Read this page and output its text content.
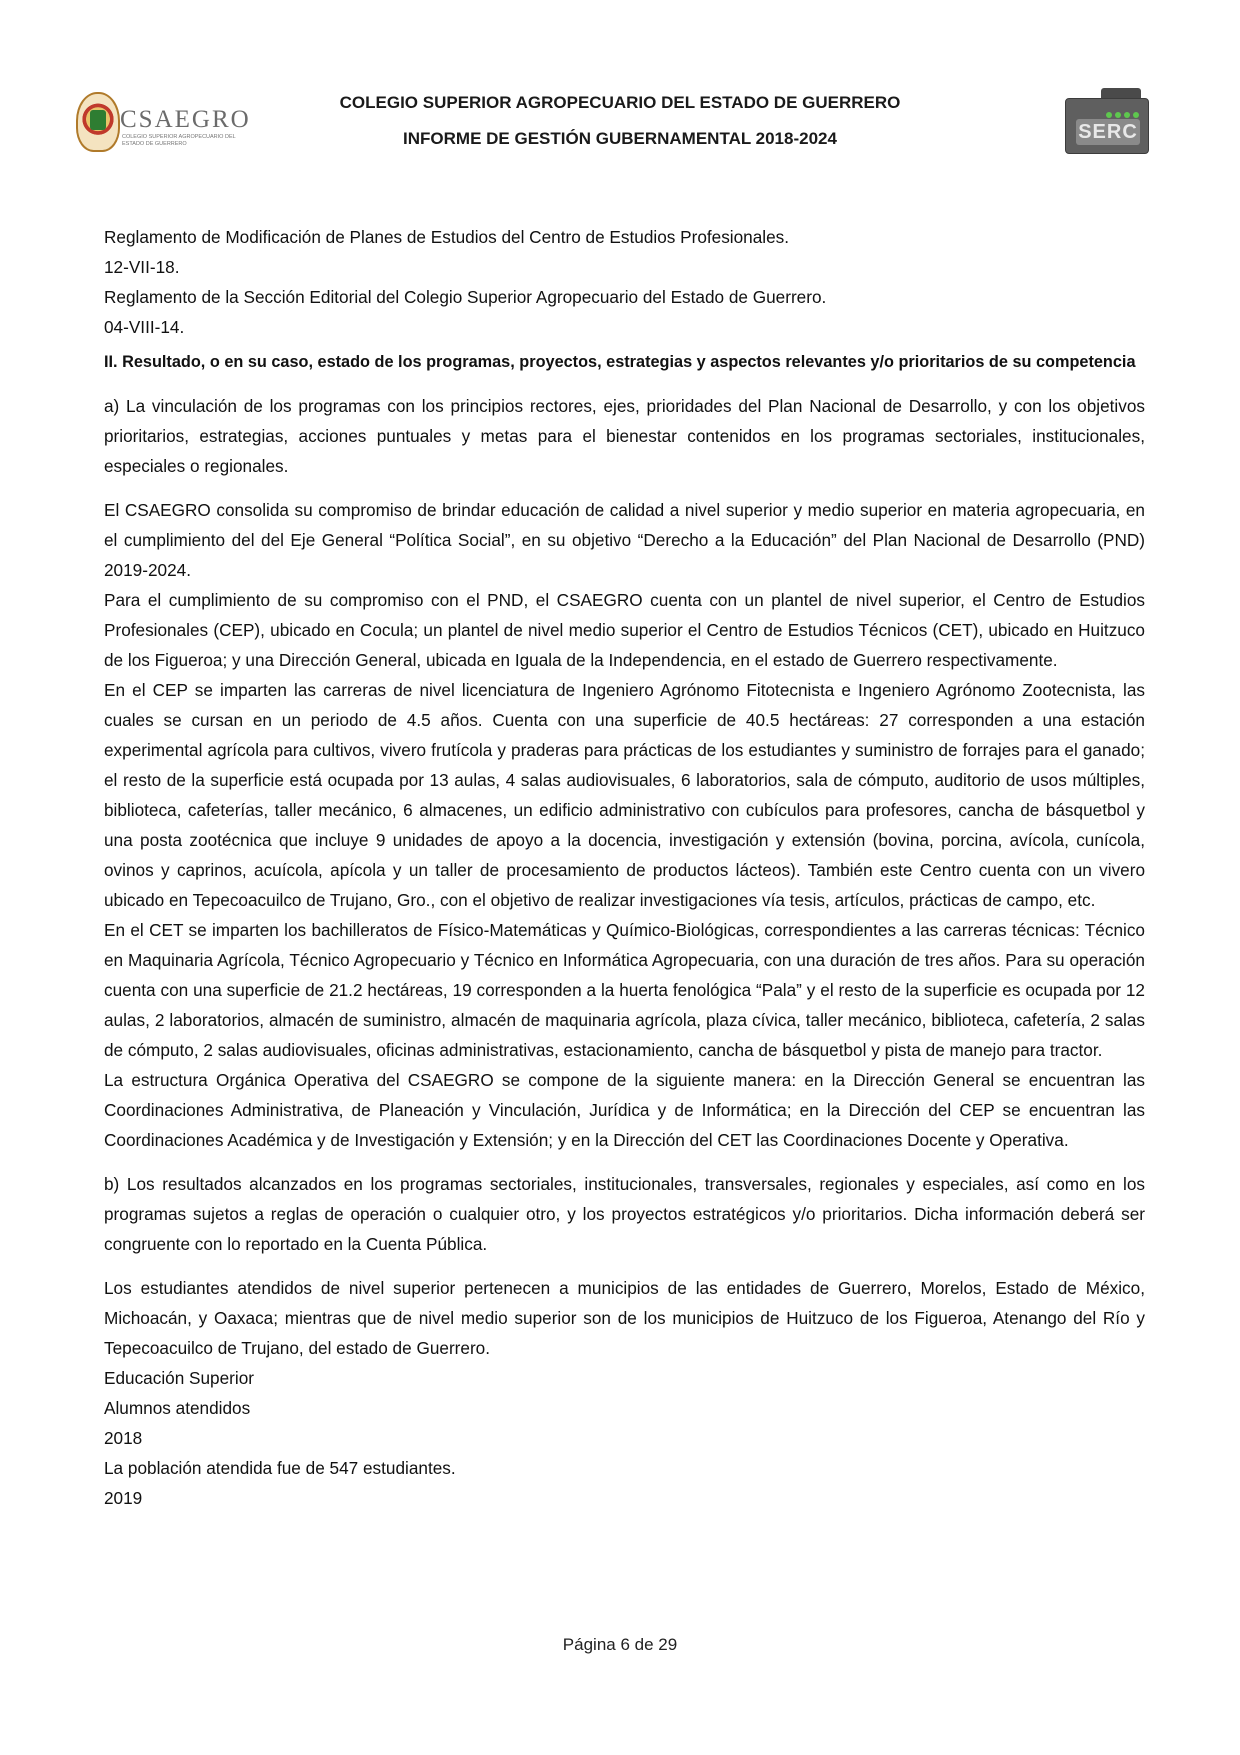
CSAEGRO
COLEGIO SUPERIOR AGROPECUARIO DEL ESTADO DE GUERRERO

COLEGIO SUPERIOR AGROPECUARIO DEL ESTADO DE GUERRERO

INFORME DE GESTIÓN GUBERNAMENTAL 2018-2024	SERC

Reglamento de Modificación de Planes de Estudios del Centro de Estudios Profesionales.

12-VII-18.

Reglamento de la Sección Editorial del Colegio Superior Agropecuario del Estado de Guerrero.

04-VIII-14.

II. Resultado, o en su caso, estado de los programas, proyectos, estrategias y aspectos relevantes y/o prioritarios de su competencia

a) La vinculación de los programas con los principios rectores, ejes, prioridades del Plan Nacional de Desarrollo, y con los objetivos prioritarios, estrategias, acciones puntuales y metas para el bienestar contenidos en los programas sectoriales, institucionales, especiales o regionales.

El CSAEGRO consolida su compromiso de brindar educación de calidad a nivel superior y medio superior en materia agropecuaria, en el cumplimiento del del Eje General “Política Social”, en su objetivo “Derecho a la Educación” del Plan Nacional de Desarrollo (PND) 2019-2024.

Para el cumplimiento de su compromiso con el PND, el CSAEGRO cuenta con un plantel de nivel superior, el Centro de Estudios Profesionales (CEP), ubicado en Cocula; un plantel de nivel medio superior el Centro de Estudios Técnicos (CET), ubicado en Huitzuco de los Figueroa; y una Dirección General, ubicada en Iguala de la Independencia, en el estado de Guerrero respectivamente.

En el CEP se imparten las carreras de nivel licenciatura de Ingeniero Agrónomo Fitotecnista e Ingeniero Agrónomo Zootecnista, las cuales se cursan en un periodo de 4.5 años. Cuenta con una superficie de 40.5 hectáreas: 27 corresponden a una estación experimental agrícola para cultivos, vivero frutícola y praderas para prácticas de los estudiantes y suministro de forrajes para el ganado; el resto de la superficie está ocupada por 13 aulas, 4 salas audiovisuales, 6 laboratorios, sala de cómputo, auditorio de usos múltiples, biblioteca, cafeterías, taller mecánico, 6 almacenes, un edificio administrativo con cubículos para profesores, cancha de básquetbol y una posta zootécnica que incluye 9 unidades de apoyo a la docencia, investigación y extensión (bovina, porcina, avícola, cunícola, ovinos y caprinos, acuícola, apícola y un taller de procesamiento de productos lácteos). También este Centro cuenta con un vivero ubicado en Tepecoacuilco de Trujano, Gro., con el objetivo de realizar investigaciones vía tesis, artículos, prácticas de campo, etc.

En el CET se imparten los bachilleratos de Físico-Matemáticas y Químico-Biológicas, correspondientes a las carreras técnicas: Técnico en Maquinaria Agrícola, Técnico Agropecuario y Técnico en Informática Agropecuaria, con una duración de tres años. Para su operación cuenta con una superficie de 21.2 hectáreas, 19 corresponden a la huerta fenológica “Pala” y el resto de la superficie es ocupada por 12 aulas, 2 laboratorios, almacén de suministro, almacén de maquinaria agrícola, plaza cívica, taller mecánico, biblioteca, cafetería, 2 salas de cómputo, 2 salas audiovisuales, oficinas administrativas, estacionamiento, cancha de básquetbol y pista de manejo para tractor.

La estructura Orgánica Operativa del CSAEGRO se compone de la siguiente manera: en la Dirección General se encuentran las Coordinaciones Administrativa, de Planeación y Vinculación, Jurídica y de Informática; en la Dirección del CEP se encuentran las Coordinaciones Académica y de Investigación y Extensión; y en la Dirección del CET las Coordinaciones Docente y Operativa.

b) Los resultados alcanzados en los programas sectoriales, institucionales, transversales, regionales y especiales, así como en los programas sujetos a reglas de operación o cualquier otro, y los proyectos estratégicos y/o prioritarios. Dicha información deberá ser congruente con lo reportado en la Cuenta Pública.

Los estudiantes atendidos de nivel superior pertenecen a municipios de las entidades de Guerrero, Morelos, Estado de México, Michoacán, y Oaxaca; mientras que de nivel medio superior son de los municipios de Huitzuco de los Figueroa, Atenango del Río y Tepecoacuilco de Trujano, del estado de Guerrero.

Educación Superior

Alumnos atendidos

2018

La población atendida fue de 547 estudiantes.

2019

Página 6 de 29
